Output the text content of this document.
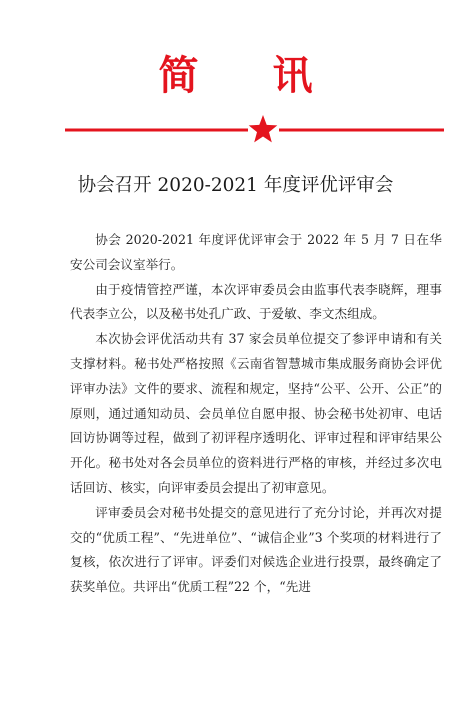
简 讯
协会召开 2020-2021 年度评优评审会

协会 2020-2021 年度评优评审会于 2022 年 5 月 7 日在华安公司会议室举行。

由于疫情管控严谨，本次评审委员会由监事代表李晓辉，理事代表李立公，以及秘书处孔广政、于爱敏、李文杰组成。

本次协会评优活动共有 37 家会员单位提交了参评申请和有关支撑材料。秘书处严格按照《云南省智慧城市集成服务商协会评优评审办法》文件的要求、流程和规定，坚持“公平、公开、公正”的原则，通过通知动员、会员单位自愿申报、协会秘书处初审、电话回访协调等过程，做到了初评程序透明化、评审过程和评审结果公开化。秘书处对各会员单位的资料进行严格的审核，并经过多次电话回访、核实，向评审委员会提出了初审意见。

评审委员会对秘书处提交的意见进行了充分讨论，并再次对提交的“优质工程”、“先进单位”、“诚信企业”3 个奖项的材料进行了复核，依次进行了评审。评委们对候选企业进行投票，最终确定了获奖单位。共评出“优质工程”22 个，“先进
